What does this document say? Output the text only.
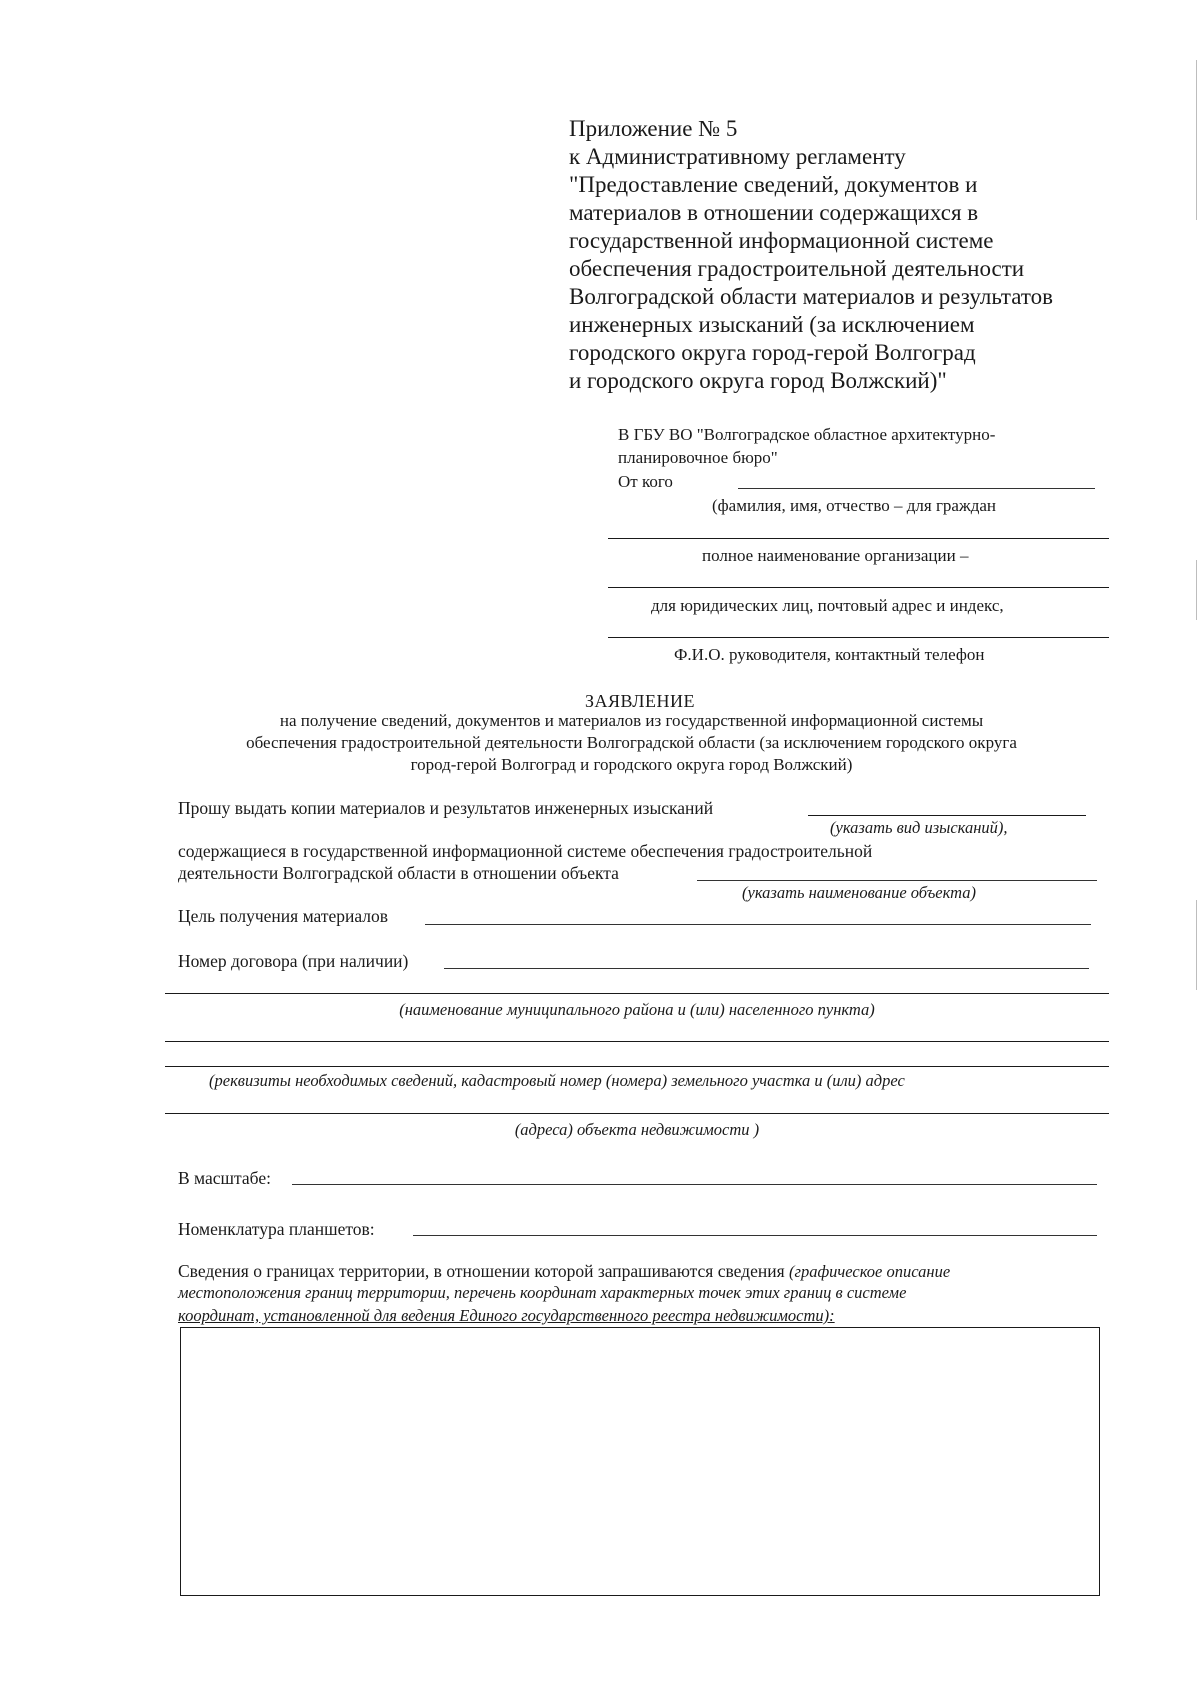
Приложение № 5
к Административному регламенту
"Предоставление сведений, документов и
материалов в отношении содержащихся в
государственной информационной системе
обеспечения градостроительной деятельности
Волгоградской области материалов и результатов
инженерных изысканий (за исключением
городского округа город-герой Волгоград
и городского округа город Волжский)"
В ГБУ ВО "Волгоградское областное архитектурно-
планировочное бюро"
От кого
(фамилия, имя, отчество – для граждан
полное наименование организации –
для юридических лиц, почтовый адрес и индекс,
Ф.И.О. руководителя, контактный телефон
ЗАЯВЛЕНИЕ
на получение сведений, документов и материалов из государственной информационной системы
обеспечения градостроительной деятельности Волгоградской области (за исключением городского округа
город-герой Волгоград и городского округа город Волжский)
Прошу выдать копии материалов и результатов инженерных изысканий
(указать вид изысканий),
содержащиеся в государственной информационной системе обеспечения градостроительной
деятельности Волгоградской области в отношении объекта
(указать наименование объекта)
Цель получения материалов
Номер договора (при наличии)
(наименование муниципального района и (или) населенного пункта)
(реквизиты необходимых сведений, кадастровый номер (номера) земельного участка и (или) адрес
(адреса) объекта недвижимости )
В масштабе:
Номенклатура планшетов:
Сведения о границах территории, в отношении которой запрашиваются сведения (графическое описание
местоположения границ территории, перечень координат характерных точек этих границ в системе
координат, установленной для ведения Единого государственного реестра недвижимости):
